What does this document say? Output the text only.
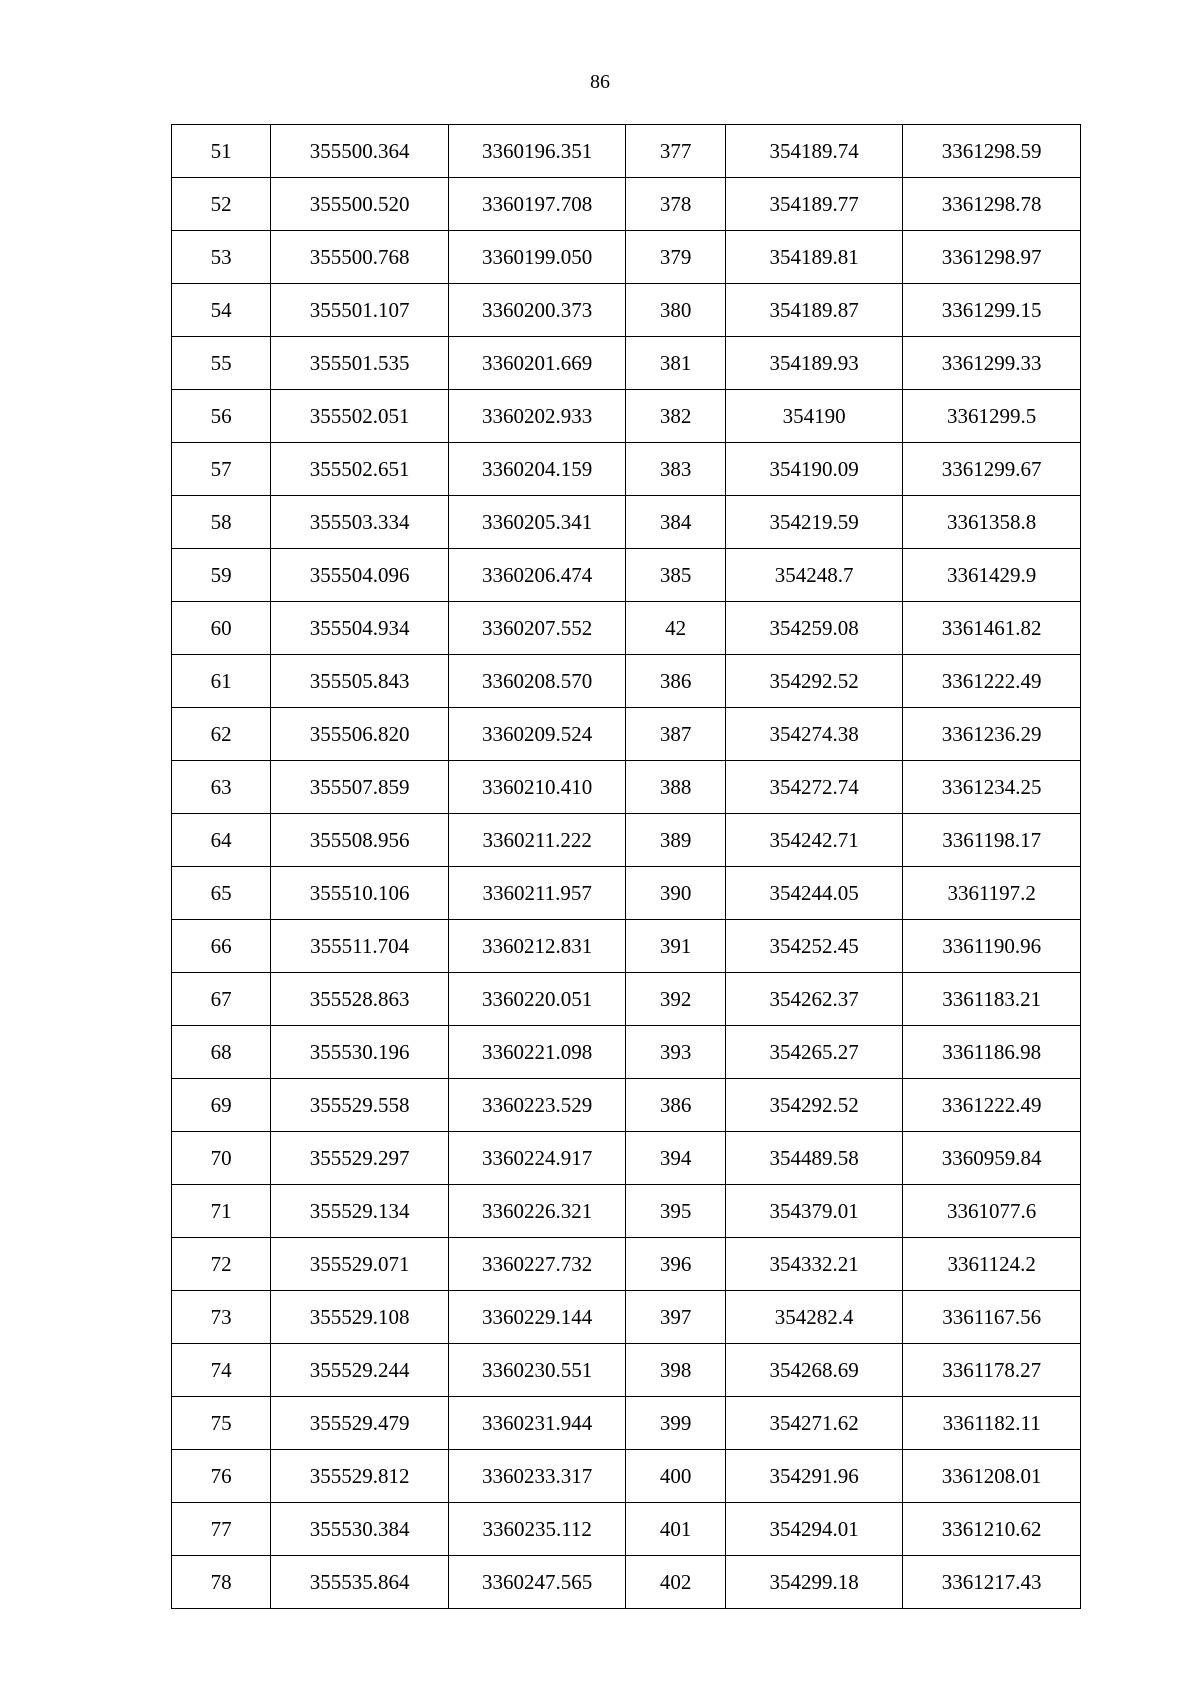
86
51	355500.364	3360196.351	377	354189.74	3361298.59
52	355500.520	3360197.708	378	354189.77	3361298.78
53	355500.768	3360199.050	379	354189.81	3361298.97
54	355501.107	3360200.373	380	354189.87	3361299.15
55	355501.535	3360201.669	381	354189.93	3361299.33
56	355502.051	3360202.933	382	354190	3361299.5
57	355502.651	3360204.159	383	354190.09	3361299.67
58	355503.334	3360205.341	384	354219.59	3361358.8
59	355504.096	3360206.474	385	354248.7	3361429.9
60	355504.934	3360207.552	42	354259.08	3361461.82
61	355505.843	3360208.570	386	354292.52	3361222.49
62	355506.820	3360209.524	387	354274.38	3361236.29
63	355507.859	3360210.410	388	354272.74	3361234.25
64	355508.956	3360211.222	389	354242.71	3361198.17
65	355510.106	3360211.957	390	354244.05	3361197.2
66	355511.704	3360212.831	391	354252.45	3361190.96
67	355528.863	3360220.051	392	354262.37	3361183.21
68	355530.196	3360221.098	393	354265.27	3361186.98
69	355529.558	3360223.529	386	354292.52	3361222.49
70	355529.297	3360224.917	394	354489.58	3360959.84
71	355529.134	3360226.321	395	354379.01	3361077.6
72	355529.071	3360227.732	396	354332.21	3361124.2
73	355529.108	3360229.144	397	354282.4	3361167.56
74	355529.244	3360230.551	398	354268.69	3361178.27
75	355529.479	3360231.944	399	354271.62	3361182.11
76	355529.812	3360233.317	400	354291.96	3361208.01
77	355530.384	3360235.112	401	354294.01	3361210.62
78	355535.864	3360247.565	402	354299.18	3361217.43
